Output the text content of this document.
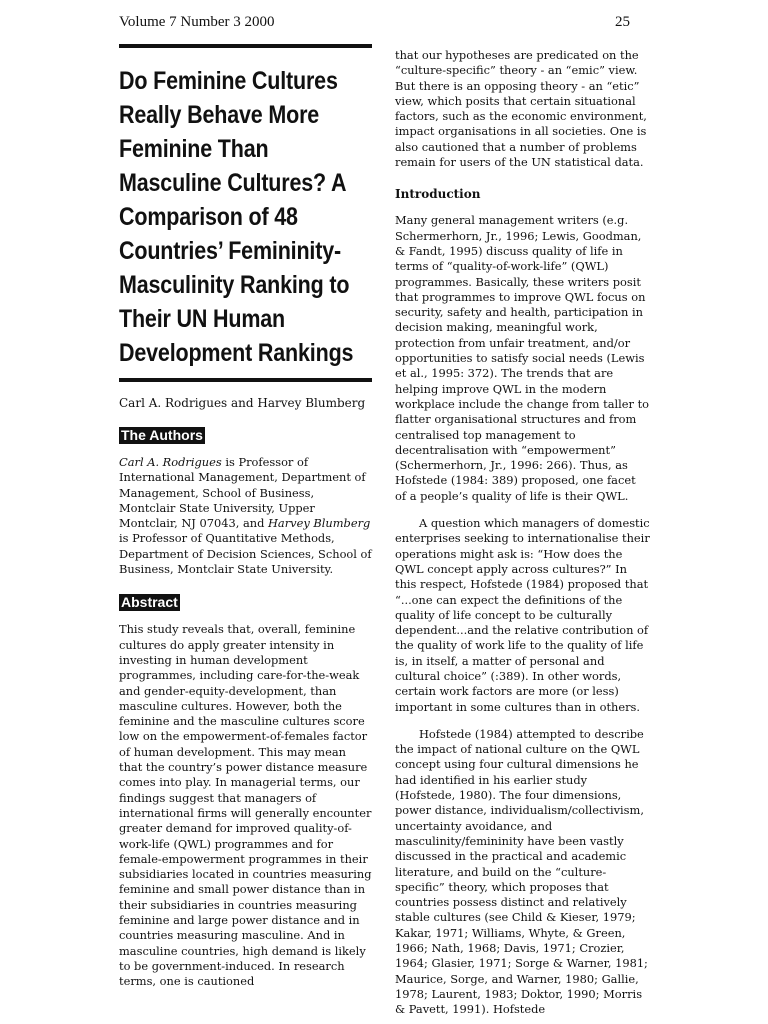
Volume 7 Number 3 2000	25
Do Feminine Cultures Really Behave More Feminine Than Masculine Cultures? A Comparison of 48 Countries’ Femininity-Masculinity Ranking to Their UN Human Development Rankings

Carl A. Rodrigues and Harvey Blumberg

The Authors

Carl A. Rodrigues is Professor of International Management, Department of Management, School of Business, Montclair State University, Upper Montclair, NJ 07043, and Harvey Blumberg is Professor of Quantitative Methods, Department of Decision Sciences, School of Business, Montclair State University.

Abstract

This study reveals that, overall, feminine cultures do apply greater intensity in investing in human development programmes, including care-for-the-weak and gender-equity-development, than masculine cultures. However, both the feminine and the masculine cultures score low on the empowerment-of-females factor of human development. This may mean that the country’s power distance measure comes into play. In managerial terms, our findings suggest that managers of international firms will generally encounter greater demand for improved quality-of-work-life (QWL) programmes and for female-empowerment programmes in their subsidiaries located in countries measuring feminine and small power distance than in their subsidiaries in countries measuring feminine and large power distance and in countries measuring masculine. And in masculine countries, high demand is likely to be government-induced. In research terms, one is cautioned

that our hypotheses are predicated on the “culture-specific” theory - an “emic” view. But there is an opposing theory - an “etic” view, which posits that certain situational factors, such as the economic environment, impact organisations in all societies. One is also cautioned that a number of problems remain for users of the UN statistical data.

Introduction

Many general management writers (e.g. Schermerhorn, Jr., 1996; Lewis, Goodman, & Fandt, 1995) discuss quality of life in terms of “quality-of-work-life” (QWL) programmes. Basically, these writers posit that programmes to improve QWL focus on security, safety and health, participation in decision making, meaningful work, protection from unfair treatment, and/or opportunities to satisfy social needs (Lewis et al., 1995: 372). The trends that are helping improve QWL in the modern workplace include the change from taller to flatter organisational structures and from centralised top management to decentralisation with “empowerment” (Schermerhorn, Jr., 1996: 266). Thus, as Hofstede (1984: 389) proposed, one facet of a people’s quality of life is their QWL.

A question which managers of domestic enterprises seeking to internationalise their operations might ask is: “How does the QWL concept apply across cultures?” In this respect, Hofstede (1984) proposed that “...one can expect the definitions of the quality of life concept to be culturally dependent...and the relative contribution of the quality of work life to the quality of life is, in itself, a matter of personal and cultural choice” (:389). In other words, certain work factors are more (or less) important in some cultures than in others.

Hofstede (1984) attempted to describe the impact of national culture on the QWL concept using four cultural dimensions he had identified in his earlier study (Hofstede, 1980). The four dimensions, power distance, individualism/collectivism, uncertainty avoidance, and masculinity/femininity have been vastly discussed in the practical and academic literature, and build on the “culture-specific” theory, which proposes that countries possess distinct and relatively stable cultures (see Child & Kieser, 1979; Kakar, 1971; Williams, Whyte, & Green, 1966; Nath, 1968; Davis, 1971; Crozier, 1964; Glasier, 1971; Sorge & Warner, 1981; Maurice, Sorge, and Warner, 1980; Gallie, 1978; Laurent, 1983; Doktor, 1990; Morris & Pavett, 1991). Hofstede
